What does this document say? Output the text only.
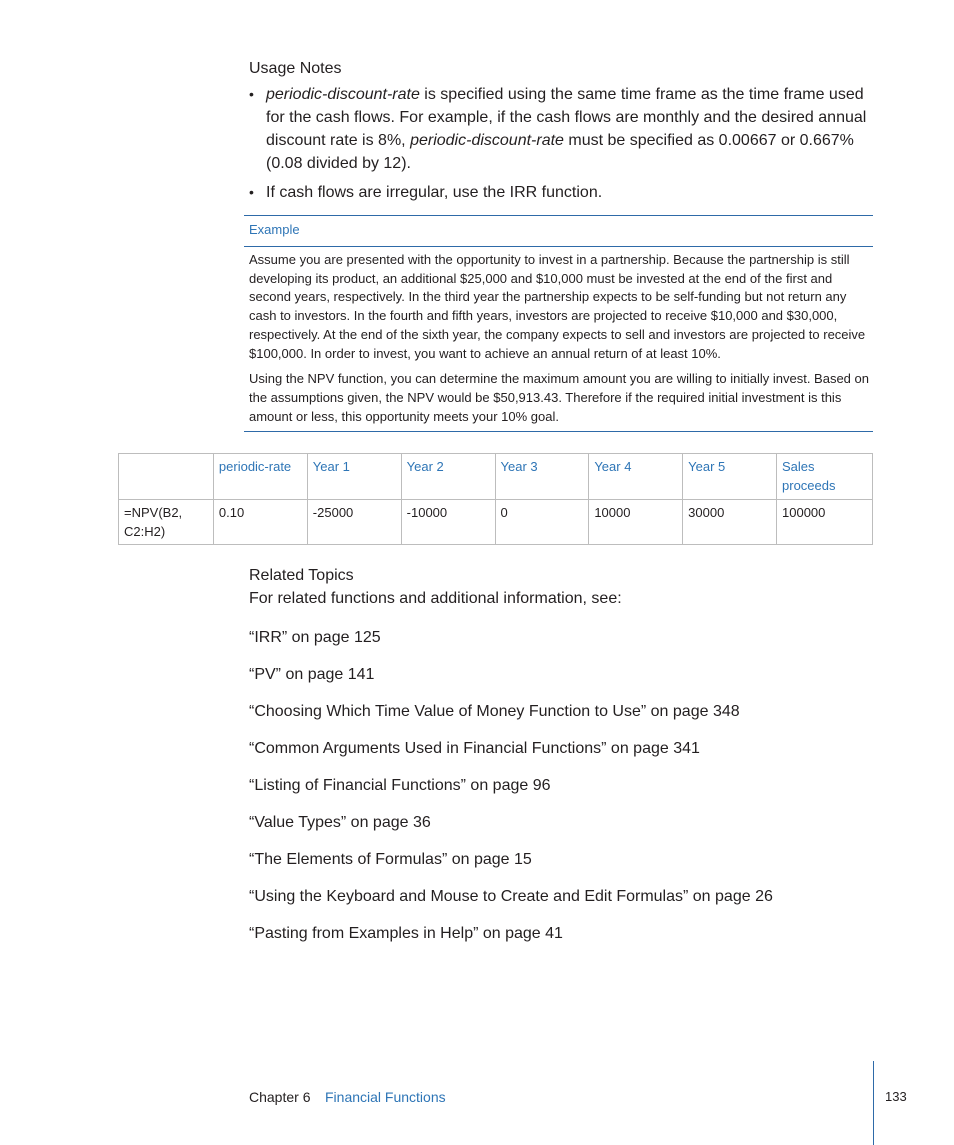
Usage Notes
• periodic-discount-rate is specified using the same time frame as the time frame used for the cash flows. For example, if the cash flows are monthly and the desired annual discount rate is 8%, periodic-discount-rate must be specified as 0.00667 or 0.667% (0.08 divided by 12).
• If cash flows are irregular, use the IRR function.
Example

Assume you are presented with the opportunity to invest in a partnership. Because the partnership is still developing its product, an additional $25,000 and $10,000 must be invested at the end of the first and second years, respectively. In the third year the partnership expects to be self-funding but not return any cash to investors. In the fourth and fifth years, investors are projected to receive $10,000 and $30,000, respectively. At the end of the sixth year, the company expects to sell and investors are projected to receive $100,000. In order to invest, you want to achieve an annual return of at least 10%.

Using the NPV function, you can determine the maximum amount you are willing to initially invest. Based on the assumptions given, the NPV would be $50,913.43. Therefore if the required initial investment is this amount or less, this opportunity meets your 10% goal.

	periodic-rate	Year 1	Year 2	Year 3	Year 4	Year 5	Sales proceeds
=NPV(B2, C2:H2)	0.10	-25000	-10000	0	10000	30000	100000
Related Topics
For related functions and additional information, see:
“IRR” on page 125
“PV” on page 141
“Choosing Which Time Value of Money Function to Use” on page 348
“Common Arguments Used in Financial Functions” on page 341
“Listing of Financial Functions” on page 96
“Value Types” on page 36
“The Elements of Formulas” on page 15
“Using the Keyboard and Mouse to Create and Edit Formulas” on page 26
“Pasting from Examples in Help” on page 41
Chapter 6 Financial Functions	133
